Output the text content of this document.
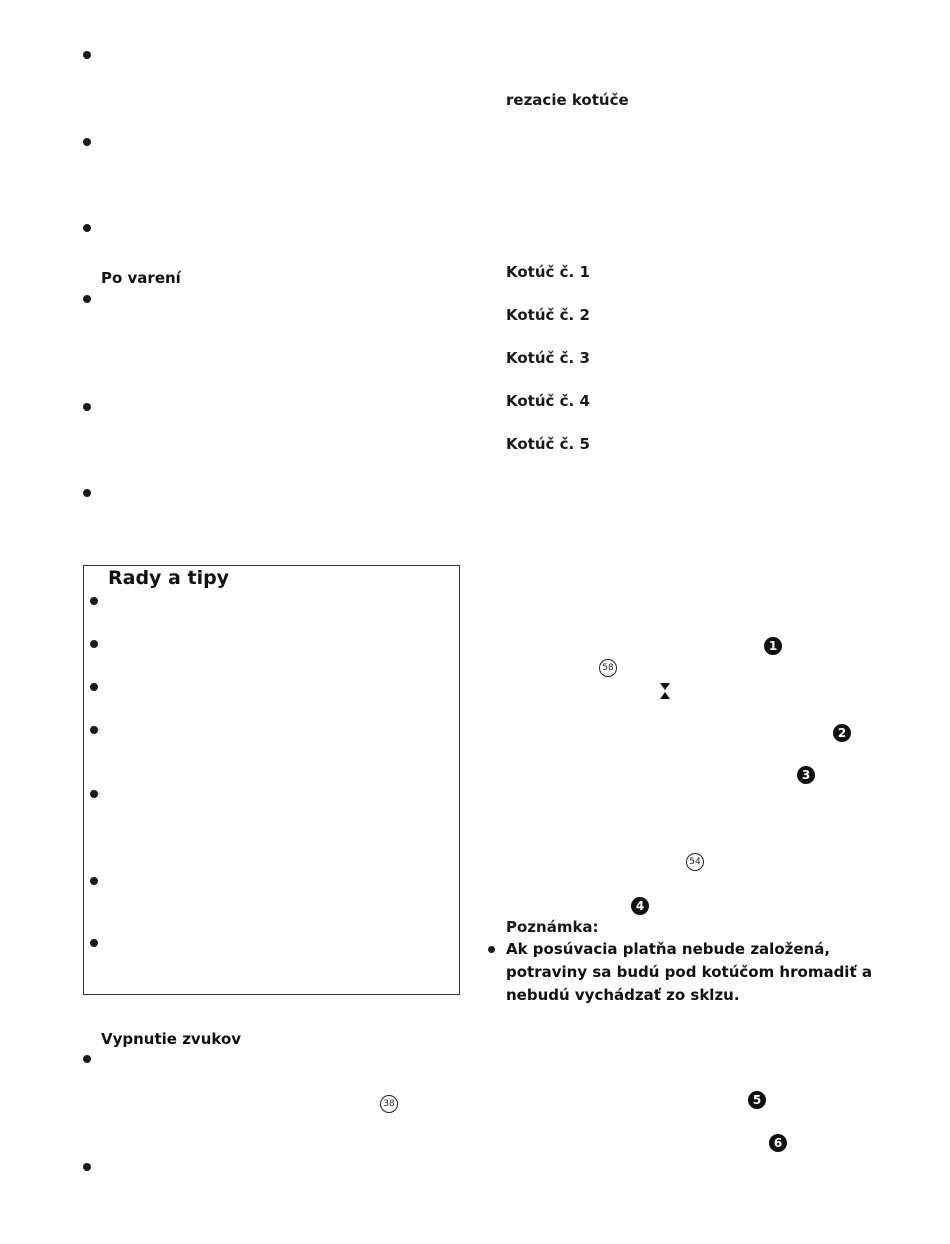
Po varení
Rady a tipy
Vypnutie zvukov
38
rezacie kotúče
Kotúč č. 1
Kotúč č. 2
Kotúč č. 3
Kotúč č. 4
Kotúč č. 5
1
58
2
3
54
4
Poznámka:
Ak posúvacia platňa nebude založená, potraviny sa budú pod kotúčom hromadiť a nebudú vychádzať zo sklzu.
5
6
